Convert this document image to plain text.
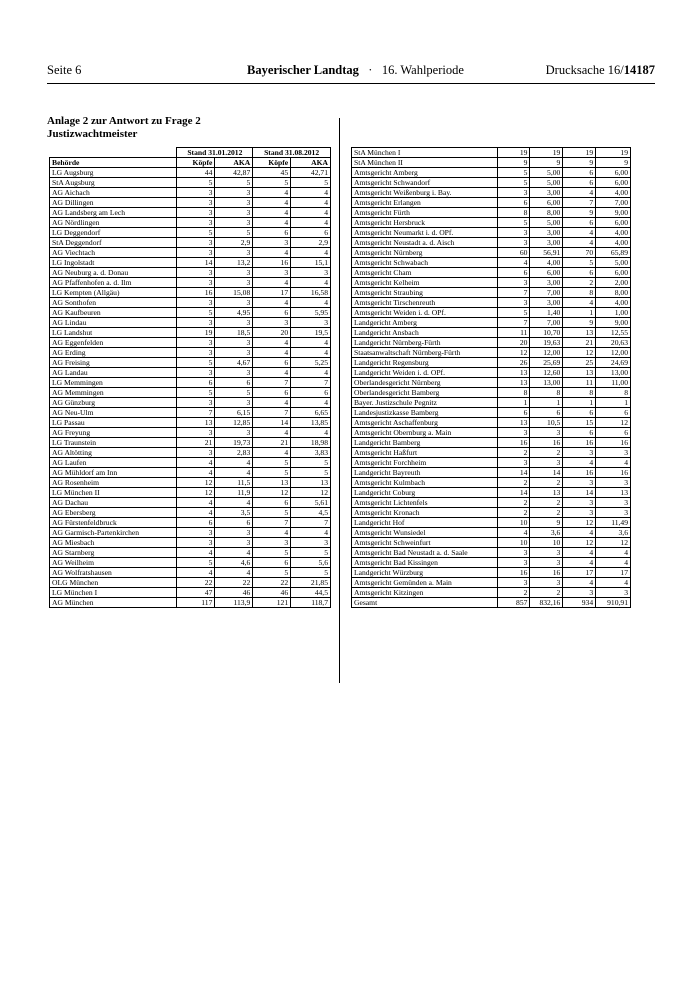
Seite 6	Bayerischer Landtag · 16. Wahlperiode	Drucksache 16/14187
Anlage 2 zur Antwort zu Frage 2
Justizwachtmeister
	Stand 31.01.2012		Stand 31.08.2012	
Behörde	Köpfe	AKA	Köpfe	AKA
LG Augsburg	44	42,87	45	42,71
StA Augsburg	5	5	5	5
AG Aichach	3	3	4	4
AG Dillingen	3	3	4	4
AG Landsberg am Lech	3	3	4	4
AG Nördlingen	3	3	4	4
LG Deggendorf	5	5	6	6
StA Deggendorf	3	2,9	3	2,9
AG Viechtach	3	3	4	4
LG Ingolstadt	14	13,2	16	15,1
AG Neuburg a. d. Donau	3	3	3	3
AG Pfaffenhofen a. d. Ilm	3	3	4	4
LG Kempten (Allgäu)	16	15,08	17	16,58
AG Sonthofen	3	3	4	4
AG Kaufbeuren	5	4,95	6	5,95
AG Lindau	3	3	3	3
LG Landshut	19	18,5	20	19,5
AG Eggenfelden	3	3	4	4
AG Erding	3	3	4	4
AG Freising	5	4,67	6	5,25
AG Landau	3	3	4	4
LG Memmingen	6	6	7	7
AG Memmingen	5	5	6	6
AG Günzburg	3	3	4	4
AG Neu-Ulm	7	6,15	7	6,65
LG Passau	13	12,85	14	13,85
AG Freyung	3	3	4	4
LG Traunstein	21	19,73	21	18,98
AG Altötting	3	2,83	4	3,83
AG Laufen	4	4	5	5
AG Mühldorf am Inn	4	4	5	5
AG Rosenheim	12	11,5	13	13
LG München II	12	11,9	12	12
AG Dachau	4	4	6	5,61
AG Ebersberg	4	3,5	5	4,5
AG Fürstenfeldbruck	6	6	7	7
AG Garmisch-Partenkirchen	3	3	4	4
AG Miesbach	3	3	3	3
AG Starnberg	4	4	5	5
AG Weilheim	5	4,6	6	5,6
AG Wolfratshausen	4	4	5	5
OLG München	22	22	22	21,85
LG München I	47	46	46	44,5
AG München	117	113,9	121	118,7
StA München I	19	19	19	19
StA München II	9	9	9	9
Amtsgericht Amberg	5	5,00	6	6,00
Amtsgericht Schwandorf	5	5,00	6	6,00
Amtsgericht Weißenburg i. Bay.	3	3,00	4	4,00
Amtsgericht Erlangen	6	6,00	7	7,00
Amtsgericht Fürth	8	8,00	9	9,00
Amtsgericht Hersbruck	5	5,00	6	6,00
Amtsgericht Neumarkt i. d. OPf.	3	3,00	4	4,00
Amtsgericht Neustadt a. d. Aisch	3	3,00	4	4,00
Amtsgericht Nürnberg	60	56,91	70	65,89
Amtsgericht Schwabach	4	4,00	5	5,00
Amtsgericht Cham	6	6,00	6	6,00
Amtsgericht Kelheim	3	3,00	2	2,00
Amtsgericht Straubing	7	7,00	8	8,00
Amtsgericht Tirschenreuth	3	3,00	4	4,00
Amtsgericht Weiden i. d. OPf.	5	1,40	1	1,00
Landgericht Amberg	7	7,00	9	9,00
Landgericht Ansbach	11	10,70	13	12,55
Landgericht Nürnberg-Fürth	20	19,63	21	20,63
Staatsanwaltschaft Nürnberg-Fürth	12	12,00	12	12,00
Landgericht Regensburg	26	25,69	25	24,69
Landgericht Weiden i. d. OPf.	13	12,60	13	13,00
Oberlandesgericht Nürnberg	13	13,00	11	11,00
Oberlandesgericht Bamberg	8	8	8	8
Bayer. Justizschule Pegnitz	1	1	1	1
Landesjustizkasse Bamberg	6	6	6	6
Amtsgericht Aschaffenburg	13	10,5	15	12
Amtsgericht Obernburg a. Main	3	3	6	6
Landgericht Bamberg	16	16	16	16
Amtsgericht Haßfurt	2	2	3	3
Amtsgericht Forchheim	3	3	4	4
Landgericht Bayreuth	14	14	16	16
Amtsgericht Kulmbach	2	2	3	3
Landgericht Coburg	14	13	14	13
Amtsgericht Lichtenfels	2	2	3	3
Amtsgericht Kronach	2	2	3	3
Landgericht Hof	10	9	12	11,49
Amtsgericht Wunsiedel	4	3,6	4	3,6
Amtsgericht Schweinfurt	10	10	12	12
Amtsgericht Bad Neustadt a. d. Saale	3	3	4	4
Amtsgericht Bad Kissingen	3	3	4	4
Landgericht Würzburg	16	16	17	17
Amtsgericht Gemünden a. Main	3	3	4	4
Amtsgericht Kitzingen	2	2	3	3
Gesamt	857	832,16	934	910,91
